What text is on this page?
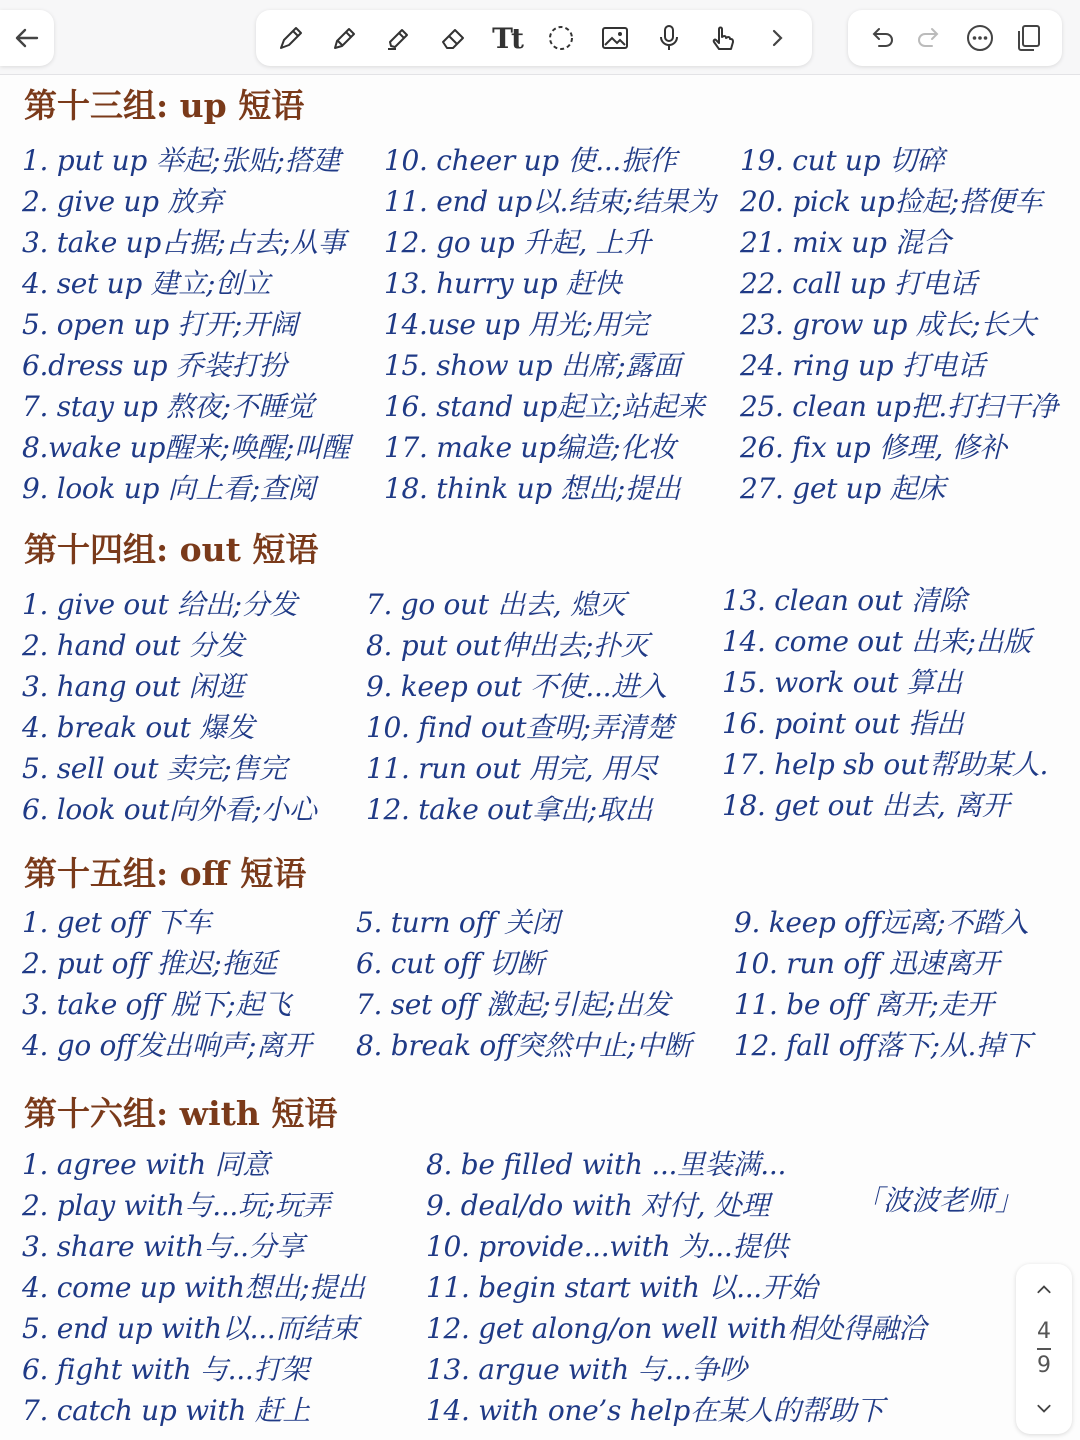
Tt
第十三组: up 短语
1. put up 举起;张贴;搭建
2. give up 放弃
3. take up占据;占去;从事
4. set up 建立;创立
5. open up 打开;开阔
6.dress up 乔装打扮
7. stay up 熬夜;不睡觉
8.wake up醒来;唤醒;叫醒
9. look up 向上看;查阅
10. cheer up 使...振作
11. end up以.结束;结果为
12. go up 升起, 上升
13. hurry up 赶快
14.use up 用光;用完
15. show up 出席;露面
16. stand up起立;站起来
17. make up编造;化妆
18. think up 想出;提出
19. cut up 切碎
20. pick up捡起;搭便车
21. mix up 混合
22. call up 打电话
23. grow up 成长;长大
24. ring up 打电话
25. clean up把.打扫干净
26. fix up 修理, 修补
27. get up 起床
第十四组: out 短语
1. give out 给出;分发
2. hand out 分发
3. hang out 闲逛
4. break out 爆发
5. sell out 卖完;售完
6. look out向外看;小心
7. go out 出去, 熄灭
8. put out伸出去;扑灭
9. keep out 不使...进入
10. find out查明;弄清楚
11. run out 用完, 用尽
12. take out拿出;取出
13. clean out 清除
14. come out 出来;出版
15. work out 算出
16. point out 指出
17. help sb out帮助某人.
18. get out 出去, 离开
第十五组: off 短语
1. get off 下车
2. put off 推迟;拖延
3. take off 脱下;起飞
4. go off发出响声;离开
5. turn off 关闭
6. cut off 切断
7. set off 激起;引起;出发
8. break off突然中止;中断
9. keep off远离;不踏入
10. run off 迅速离开
11. be off 离开;走开
12. fall off落下;从.掉下
第十六组: with 短语
1. agree with 同意
2. play with与...玩;玩弄
3. share with与..分享
4. come up with想出;提出
5. end up with以...而结束
6. fight with 与...打架
7. catch up with 赶上
8. be filled with ...里装满...
9. deal/do with 对付, 处理
10. provide...with 为...提供
11. begin start with 以...开始
12. get along/on well with相处得融洽
13. argue with 与...争吵
14. with one’s help在某人的帮助下
「波波老师」
4
9
